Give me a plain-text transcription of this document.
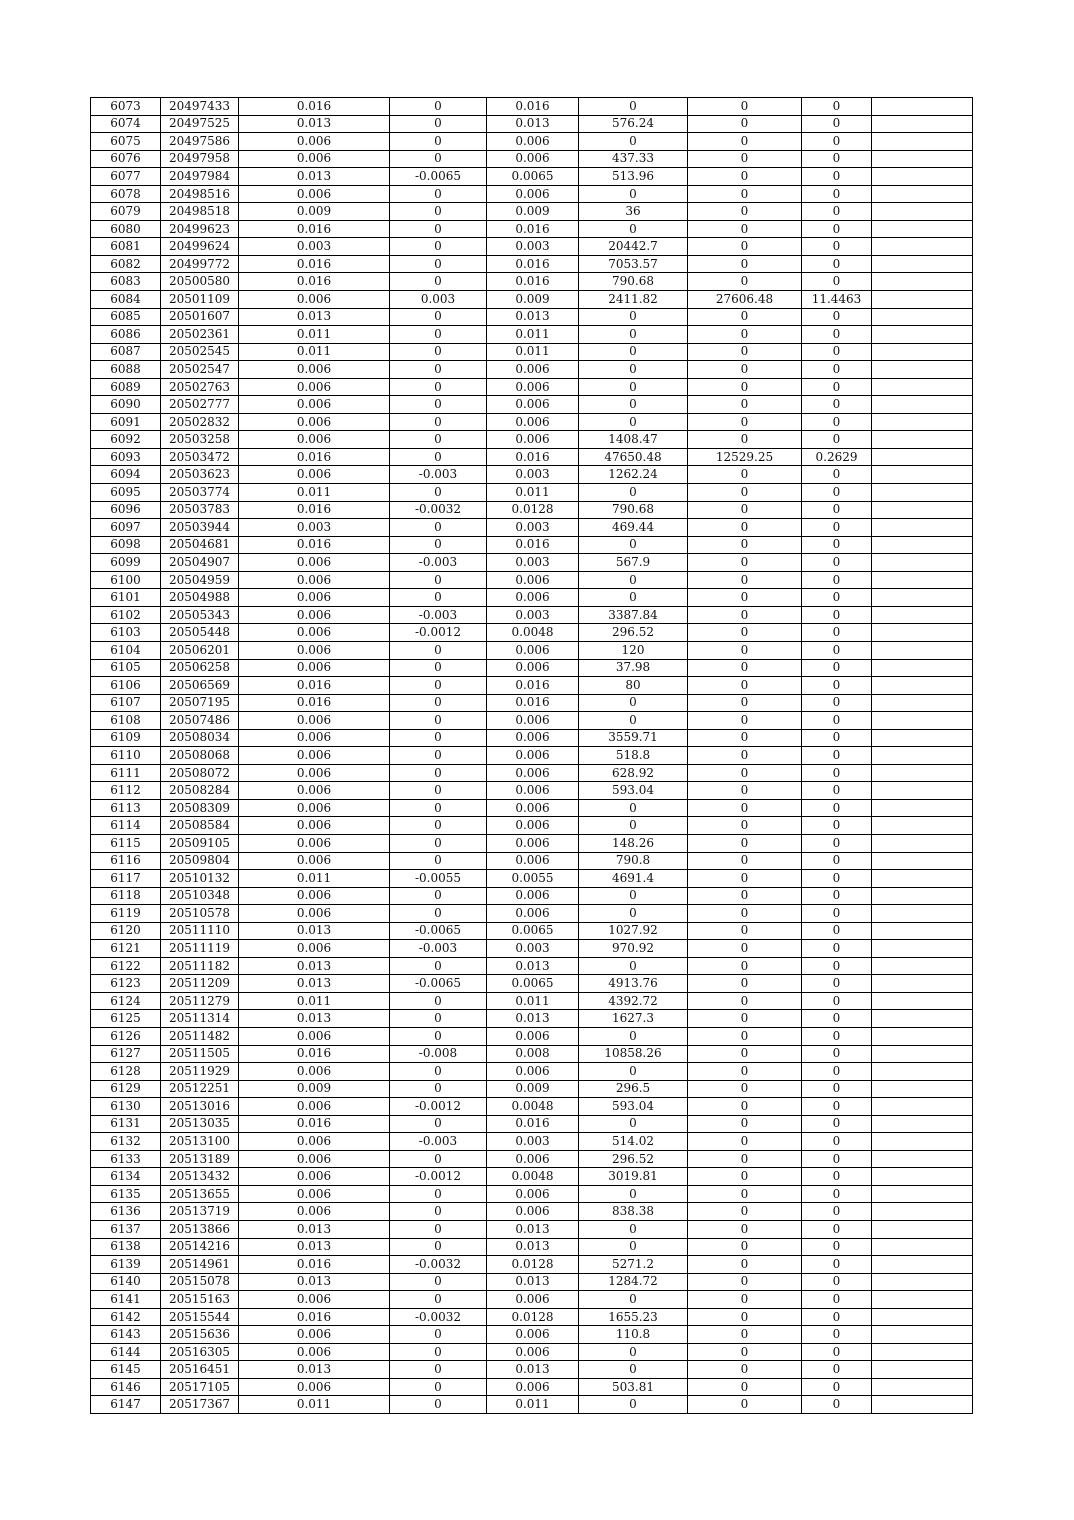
6073	20497433	0.016	0	0.016	0	0	0	
6074	20497525	0.013	0	0.013	576.24	0	0	
6075	20497586	0.006	0	0.006	0	0	0	
6076	20497958	0.006	0	0.006	437.33	0	0	
6077	20497984	0.013	-0.0065	0.0065	513.96	0	0	
6078	20498516	0.006	0	0.006	0	0	0	
6079	20498518	0.009	0	0.009	36	0	0	
6080	20499623	0.016	0	0.016	0	0	0	
6081	20499624	0.003	0	0.003	20442.7	0	0	
6082	20499772	0.016	0	0.016	7053.57	0	0	
6083	20500580	0.016	0	0.016	790.68	0	0	
6084	20501109	0.006	0.003	0.009	2411.82	27606.48	11.4463	
6085	20501607	0.013	0	0.013	0	0	0	
6086	20502361	0.011	0	0.011	0	0	0	
6087	20502545	0.011	0	0.011	0	0	0	
6088	20502547	0.006	0	0.006	0	0	0	
6089	20502763	0.006	0	0.006	0	0	0	
6090	20502777	0.006	0	0.006	0	0	0	
6091	20502832	0.006	0	0.006	0	0	0	
6092	20503258	0.006	0	0.006	1408.47	0	0	
6093	20503472	0.016	0	0.016	47650.48	12529.25	0.2629	
6094	20503623	0.006	-0.003	0.003	1262.24	0	0	
6095	20503774	0.011	0	0.011	0	0	0	
6096	20503783	0.016	-0.0032	0.0128	790.68	0	0	
6097	20503944	0.003	0	0.003	469.44	0	0	
6098	20504681	0.016	0	0.016	0	0	0	
6099	20504907	0.006	-0.003	0.003	567.9	0	0	
6100	20504959	0.006	0	0.006	0	0	0	
6101	20504988	0.006	0	0.006	0	0	0	
6102	20505343	0.006	-0.003	0.003	3387.84	0	0	
6103	20505448	0.006	-0.0012	0.0048	296.52	0	0	
6104	20506201	0.006	0	0.006	120	0	0	
6105	20506258	0.006	0	0.006	37.98	0	0	
6106	20506569	0.016	0	0.016	80	0	0	
6107	20507195	0.016	0	0.016	0	0	0	
6108	20507486	0.006	0	0.006	0	0	0	
6109	20508034	0.006	0	0.006	3559.71	0	0	
6110	20508068	0.006	0	0.006	518.8	0	0	
6111	20508072	0.006	0	0.006	628.92	0	0	
6112	20508284	0.006	0	0.006	593.04	0	0	
6113	20508309	0.006	0	0.006	0	0	0	
6114	20508584	0.006	0	0.006	0	0	0	
6115	20509105	0.006	0	0.006	148.26	0	0	
6116	20509804	0.006	0	0.006	790.8	0	0	
6117	20510132	0.011	-0.0055	0.0055	4691.4	0	0	
6118	20510348	0.006	0	0.006	0	0	0	
6119	20510578	0.006	0	0.006	0	0	0	
6120	20511110	0.013	-0.0065	0.0065	1027.92	0	0	
6121	20511119	0.006	-0.003	0.003	970.92	0	0	
6122	20511182	0.013	0	0.013	0	0	0	
6123	20511209	0.013	-0.0065	0.0065	4913.76	0	0	
6124	20511279	0.011	0	0.011	4392.72	0	0	
6125	20511314	0.013	0	0.013	1627.3	0	0	
6126	20511482	0.006	0	0.006	0	0	0	
6127	20511505	0.016	-0.008	0.008	10858.26	0	0	
6128	20511929	0.006	0	0.006	0	0	0	
6129	20512251	0.009	0	0.009	296.5	0	0	
6130	20513016	0.006	-0.0012	0.0048	593.04	0	0	
6131	20513035	0.016	0	0.016	0	0	0	
6132	20513100	0.006	-0.003	0.003	514.02	0	0	
6133	20513189	0.006	0	0.006	296.52	0	0	
6134	20513432	0.006	-0.0012	0.0048	3019.81	0	0	
6135	20513655	0.006	0	0.006	0	0	0	
6136	20513719	0.006	0	0.006	838.38	0	0	
6137	20513866	0.013	0	0.013	0	0	0	
6138	20514216	0.013	0	0.013	0	0	0	
6139	20514961	0.016	-0.0032	0.0128	5271.2	0	0	
6140	20515078	0.013	0	0.013	1284.72	0	0	
6141	20515163	0.006	0	0.006	0	0	0	
6142	20515544	0.016	-0.0032	0.0128	1655.23	0	0	
6143	20515636	0.006	0	0.006	110.8	0	0	
6144	20516305	0.006	0	0.006	0	0	0	
6145	20516451	0.013	0	0.013	0	0	0	
6146	20517105	0.006	0	0.006	503.81	0	0	
6147	20517367	0.011	0	0.011	0	0	0	
